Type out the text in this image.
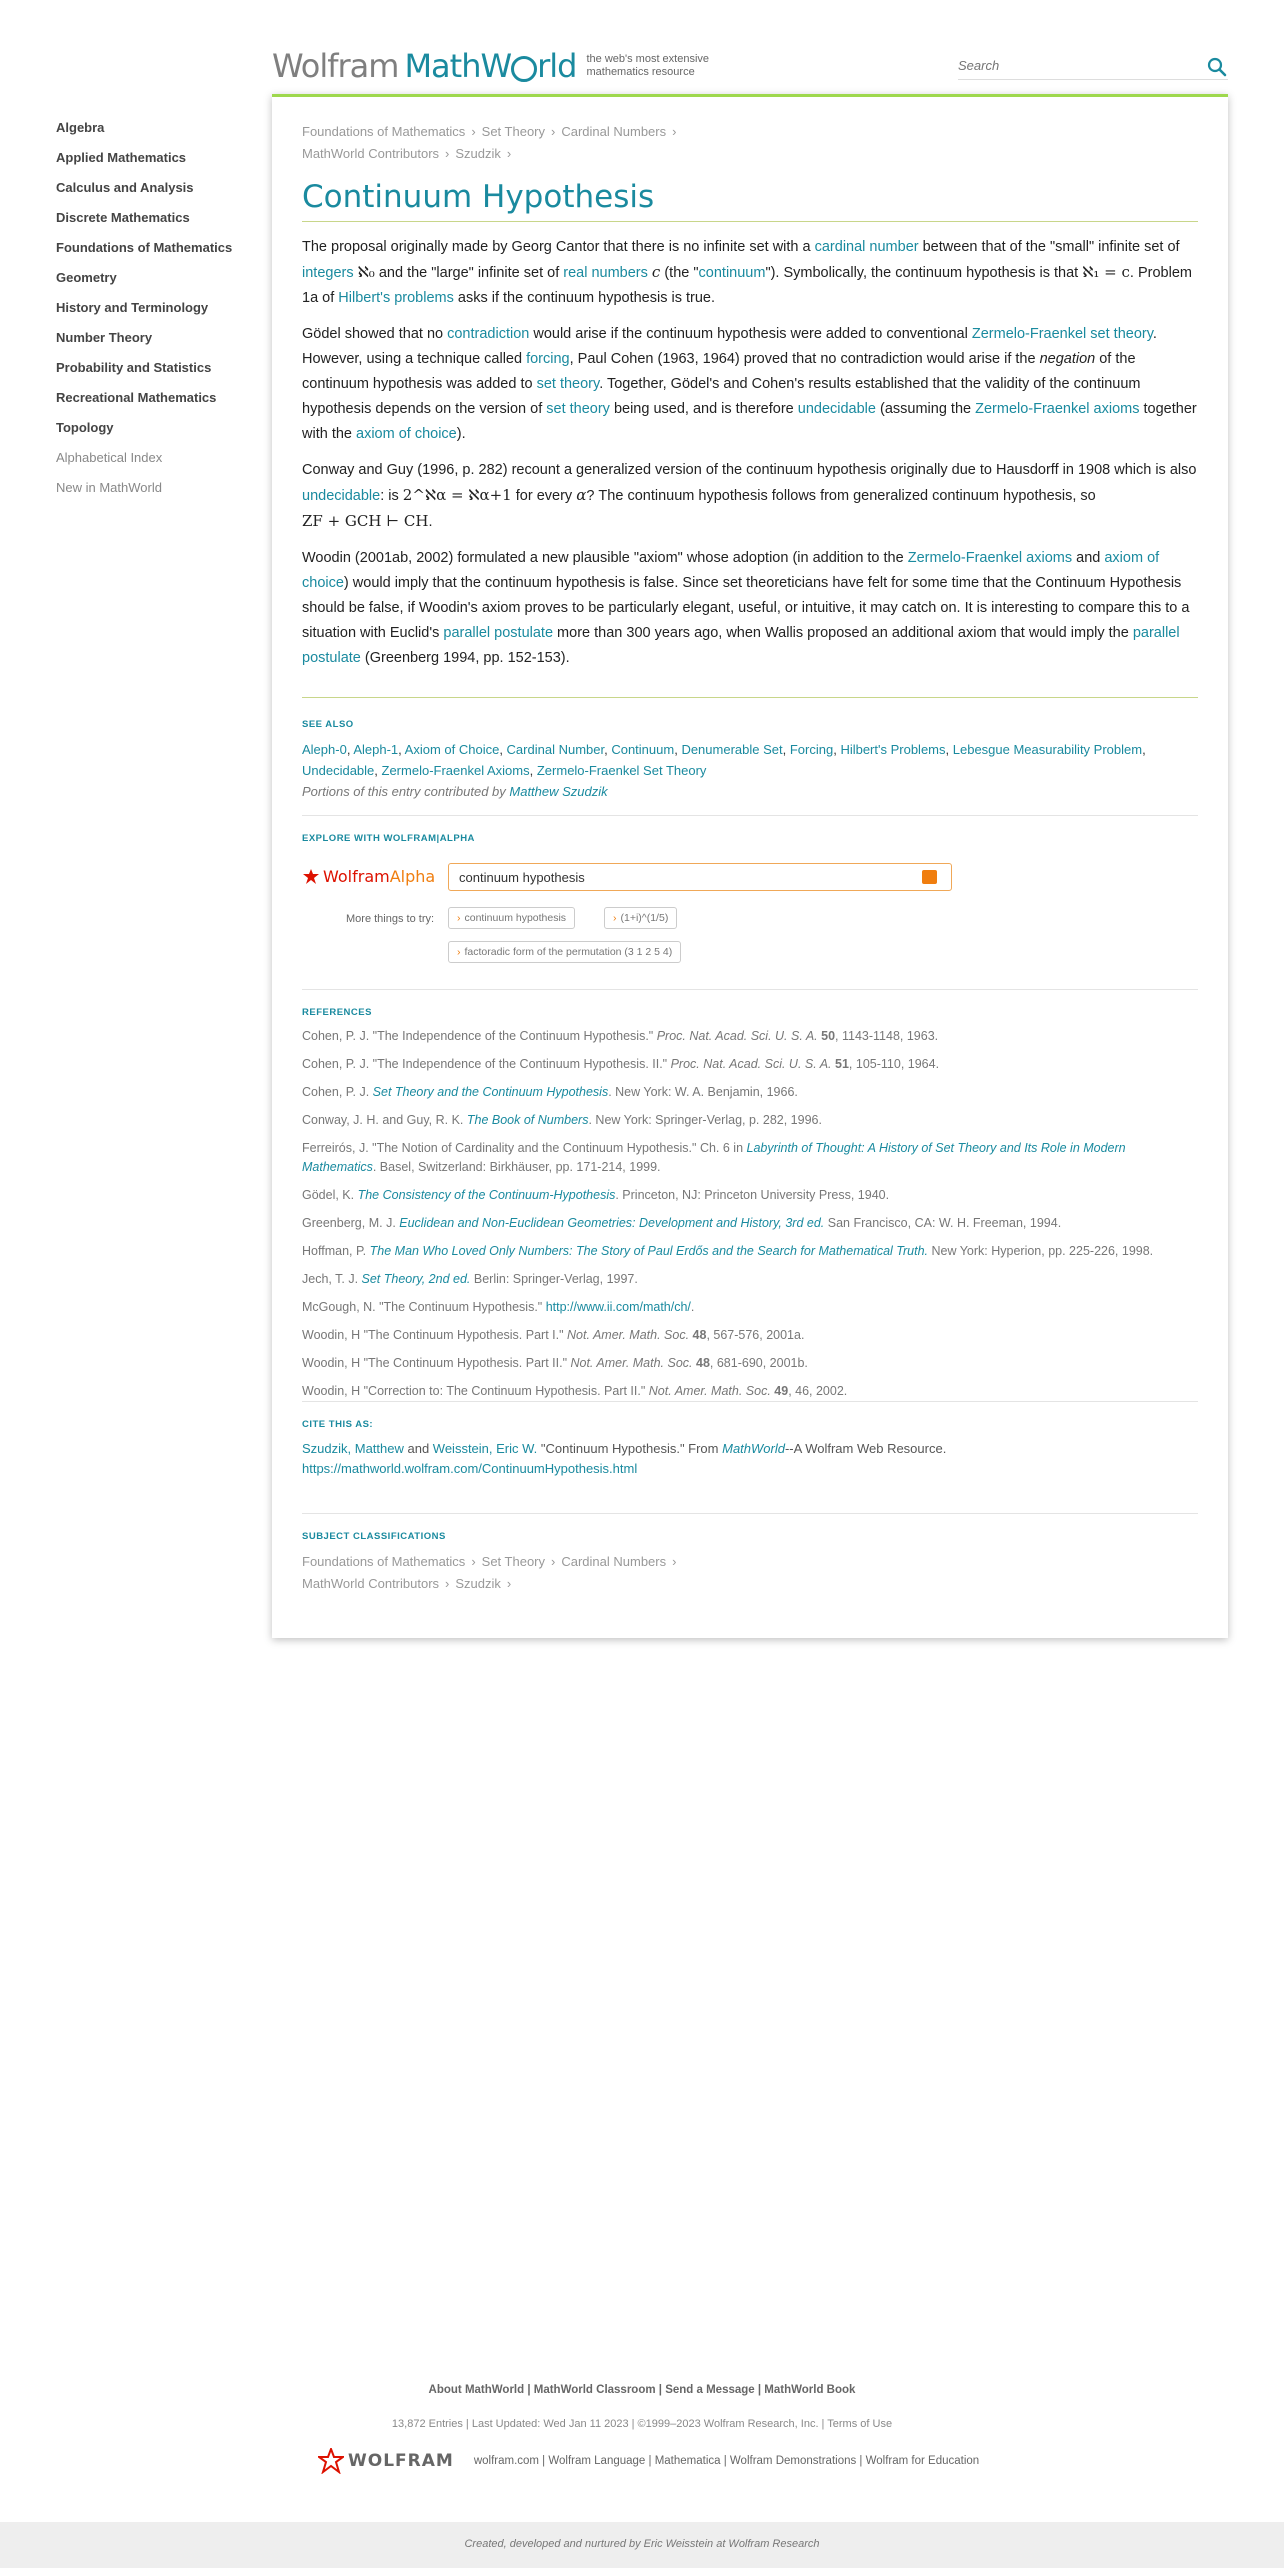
Wolfram MathW rld the web's most extensive mathematics resource
Search
Algebra
Applied Mathematics
Calculus and Analysis
Discrete Mathematics
Foundations of Mathematics
Geometry
History and Terminology
Number Theory
Probability and Statistics
Recreational Mathematics
Topology
Alphabetical Index
New in MathWorld
Foundations of Mathematics › Set Theory › Cardinal Numbers ›
MathWorld Contributors › Szudzik ›
Continuum Hypothesis

The proposal originally made by Georg Cantor that there is no infinite set with a cardinal number between that of the "small" infinite set of integers ℵ₀ and the "large" infinite set of real numbers c (the "continuum"). Symbolically, the continuum hypothesis is that ℵ₁ = c. Problem 1a of Hilbert's problems asks if the continuum hypothesis is true.

Gödel showed that no contradiction would arise if the continuum hypothesis were added to conventional Zermelo-Fraenkel set theory. However, using a technique called forcing, Paul Cohen (1963, 1964) proved that no contradiction would arise if the negation of the continuum hypothesis was added to set theory. Together, Gödel's and Cohen's results established that the validity of the continuum hypothesis depends on the version of set theory being used, and is therefore undecidable (assuming the Zermelo-Fraenkel axioms together with the axiom of choice).

Conway and Guy (1996, p. 282) recount a generalized version of the continuum hypothesis originally due to Hausdorff in 1908 which is also undecidable: is 2^ℵα = ℵα+1 for every α? The continuum hypothesis follows from generalized continuum hypothesis, so
ZF + GCH ⊢ CH.

Woodin (2001ab, 2002) formulated a new plausible "axiom" whose adoption (in addition to the Zermelo-Fraenkel axioms and axiom of choice) would imply that the continuum hypothesis is false. Since set theoreticians have felt for some time that the Continuum Hypothesis should be false, if Woodin's axiom proves to be particularly elegant, useful, or intuitive, it may catch on. It is interesting to compare this to a situation with Euclid's parallel postulate more than 300 years ago, when Wallis proposed an additional axiom that would imply the parallel postulate (Greenberg 1994, pp. 152-153).

SEE ALSO
Aleph-0, Aleph-1, Axiom of Choice, Cardinal Number, Continuum, Denumerable Set, Forcing, Hilbert's Problems, Lebesgue Measurability Problem,
Undecidable, Zermelo-Fraenkel Axioms, Zermelo-Fraenkel Set Theory
Portions of this entry contributed by Matthew Szudzik
EXPLORE WITH WOLFRAM|ALPHA
Wolfram Alpha
continuum hypothesis
More things to try:	› continuum hypothesis	› (1+i)^(1/5)
› factoradic form of the permutation (3 1 2 5 4)
REFERENCES
Cohen, P. J. "The Independence of the Continuum Hypothesis." Proc. Nat. Acad. Sci. U. S. A. 50, 1143-1148, 1963.
Cohen, P. J. "The Independence of the Continuum Hypothesis. II." Proc. Nat. Acad. Sci. U. S. A. 51, 105-110, 1964.
Cohen, P. J. Set Theory and the Continuum Hypothesis. New York: W. A. Benjamin, 1966.
Conway, J. H. and Guy, R. K. The Book of Numbers. New York: Springer-Verlag, p. 282, 1996.
Ferreirós, J. "The Notion of Cardinality and the Continuum Hypothesis." Ch. 6 in Labyrinth of Thought: A History of Set Theory and Its Role in Modern Mathematics. Basel, Switzerland: Birkhäuser, pp. 171-214, 1999.
Gödel, K. The Consistency of the Continuum-Hypothesis. Princeton, NJ: Princeton University Press, 1940.
Greenberg, M. J. Euclidean and Non-Euclidean Geometries: Development and History, 3rd ed. San Francisco, CA: W. H. Freeman, 1994.
Hoffman, P. The Man Who Loved Only Numbers: The Story of Paul Erdős and the Search for Mathematical Truth. New York: Hyperion, pp. 225-226, 1998.
Jech, T. J. Set Theory, 2nd ed. Berlin: Springer-Verlag, 1997.
McGough, N. "The Continuum Hypothesis." http://www.ii.com/math/ch/.
Woodin, H "The Continuum Hypothesis. Part I." Not. Amer. Math. Soc. 48, 567-576, 2001a.
Woodin, H "The Continuum Hypothesis. Part II." Not. Amer. Math. Soc. 48, 681-690, 2001b.
Woodin, H "Correction to: The Continuum Hypothesis. Part II." Not. Amer. Math. Soc. 49, 46, 2002.
CITE THIS AS:
Szudzik, Matthew and Weisstein, Eric W. "Continuum Hypothesis." From MathWorld--A Wolfram Web Resource.
https://mathworld.wolfram.com/ContinuumHypothesis.html
SUBJECT CLASSIFICATIONS
Foundations of Mathematics › Set Theory › Cardinal Numbers ›
MathWorld Contributors › Szudzik ›
About MathWorld | MathWorld Classroom | Send a Message | MathWorld Book
13,872 Entries | Last Updated: Wed Jan 11 2023 | ©1999–2023 Wolfram Research, Inc. | Terms of Use
WOLFRAM wolfram.com | Wolfram Language | Mathematica | Wolfram Demonstrations | Wolfram for Education
Created, developed and nurtured by Eric Weisstein at Wolfram Research
